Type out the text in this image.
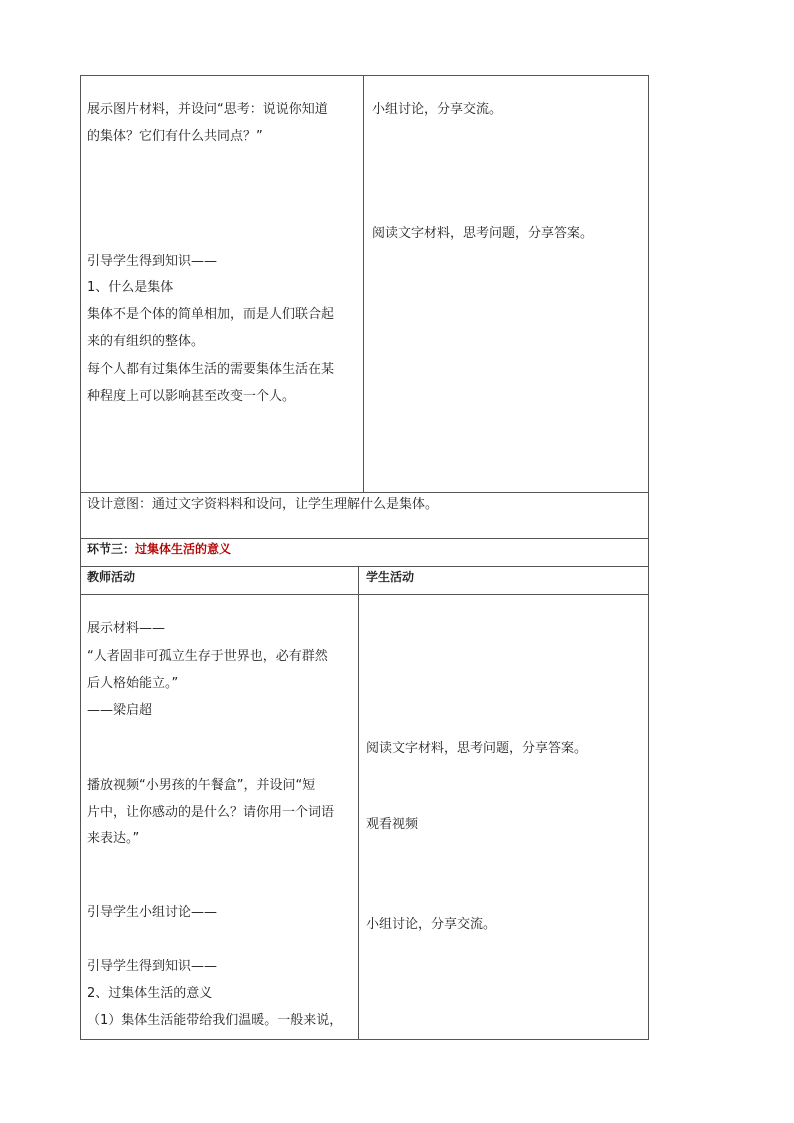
展示图片材料，并设问“思考：说说你知道
的集体？它们有什么共同点？”
引导学生得到知识——
1、什么是集体
集体不是个体的简单相加，而是人们联合起
来的有组织的整体。
每个人都有过集体生活的需要集体生活在某
种程度上可以影响甚至改变一个人。
小组讨论，分享交流。
阅读文字材料，思考问题，分享答案。
设计意图：通过文字资料料和设问，让学生理解什么是集体。
环节三：过集体生活的意义
教师活动	学生活动
展示材料——
“人者固非可孤立生存于世界也，必有群然
后人格始能立。”
——梁启超
播放视频“小男孩的午餐盒”，并设问“短
片中，让你感动的是什么？请你用一个词语
来表达。”
引导学生小组讨论——
引导学生得到知识——
2、过集体生活的意义
（1）集体生活能带给我们温暖。一般来说，
阅读文字材料，思考问题，分享答案。
观看视频
小组讨论，分享交流。
